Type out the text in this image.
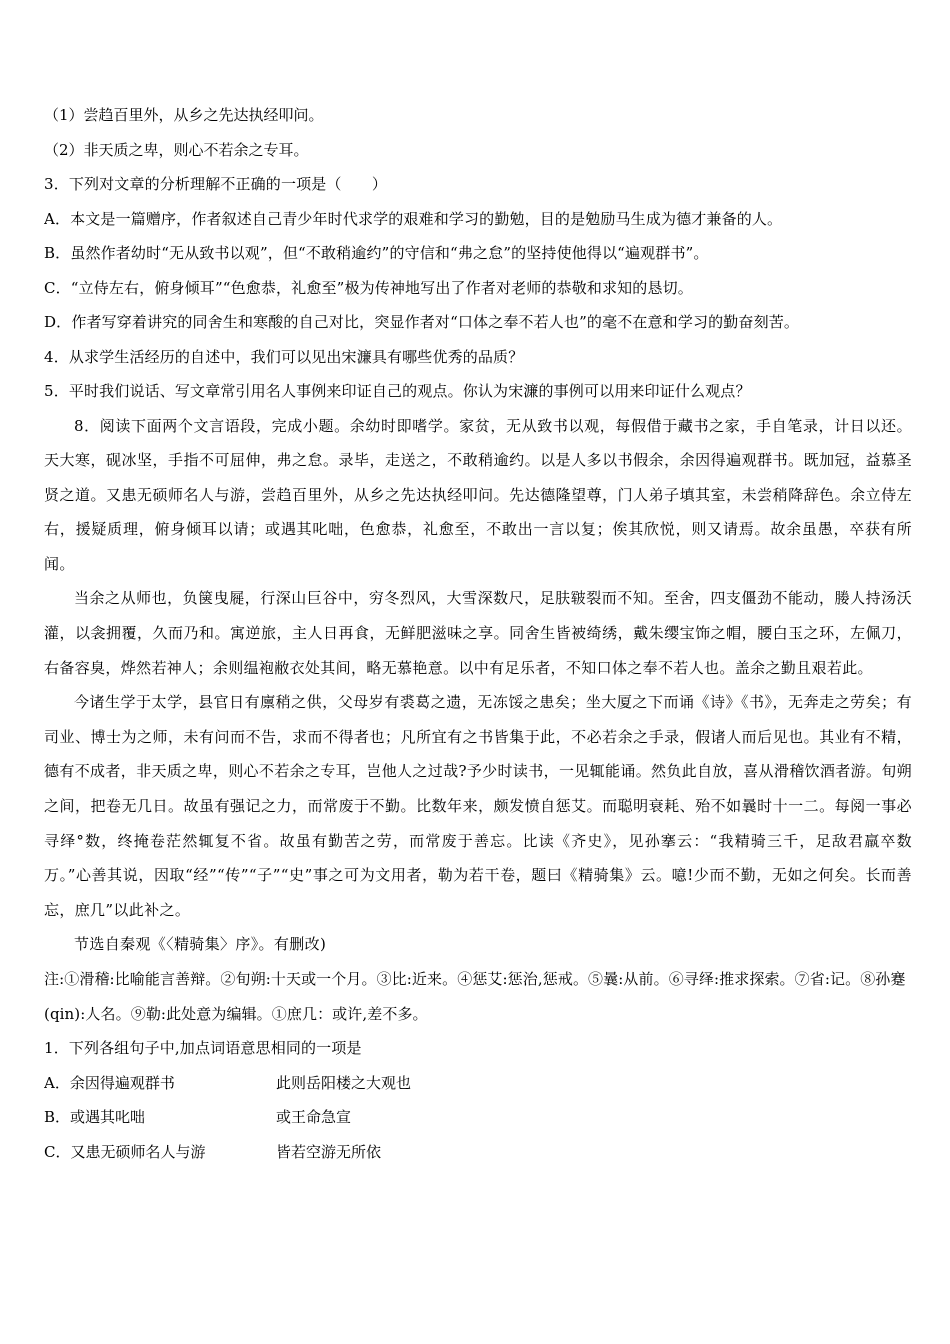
（1）尝趋百里外，从乡之先达执经叩问。
（2）非天质之卑，则心不若余之专耳。
3．下列对文章的分析理解不正确的一项是（　　）
A．本文是一篇赠序，作者叙述自己青少年时代求学的艰难和学习的勤勉，目的是勉励马生成为德才兼备的人。
B．虽然作者幼时“无从致书以观”，但“不敢稍逾约”的守信和“弗之怠”的坚持使他得以“遍观群书”。
C．“立侍左右，俯身倾耳”“色愈恭，礼愈至”极为传神地写出了作者对老师的恭敬和求知的恳切。
D．作者写穿着讲究的同舍生和寒酸的自己对比，突显作者对“口体之奉不若人也”的毫不在意和学习的勤奋刻苦。
4．从求学生活经历的自述中，我们可以见出宋濂具有哪些优秀的品质？
5．平时我们说话、写文章常引用名人事例来印证自己的观点。你认为宋濂的事例可以用来印证什么观点？

8．阅读下面两个文言语段，完成小题。余幼时即嗜学。家贫，无从致书以观，每假借于藏书之家，手自笔录，计日以还。天大寒，砚冰坚，手指不可屈伸，弗之怠。录毕，走送之，不敢稍逾约。以是人多以书假余，余因得遍观群书。既加冠，益慕圣贤之道。又患无硕师名人与游，尝趋百里外，从乡之先达执经叩问。先达德隆望尊，门人弟子填其室，未尝稍降辞色。余立侍左右，援疑质理，俯身倾耳以请；或遇其叱咄，色愈恭，礼愈至，不敢出一言以复；俟其欣悦，则又请焉。故余虽愚，卒获有所闻。

当余之从师也，负箧曳屣，行深山巨谷中，穷冬烈风，大雪深数尺，足肤皲裂而不知。至舍，四支僵劲不能动，媵人持汤沃灌，以衾拥覆，久而乃和。寓逆旅，主人日再食，无鲜肥滋味之享。同舍生皆被绮绣，戴朱缨宝饰之帽，腰白玉之环，左佩刀，右备容臭，烨然若神人；余则缊袍敝衣处其间，略无慕艳意。以中有足乐者，不知口体之奉不若人也。盖余之勤且艰若此。

今诸生学于太学，县官日有廪稍之供，父母岁有裘葛之遗，无冻馁之患矣；坐大厦之下而诵《诗》《书》，无奔走之劳矣；有司业、博士为之师，未有问而不告，求而不得者也；凡所宜有之书皆集于此，不必若余之手录，假诸人而后见也。其业有不精，德有不成者，非天质之卑，则心不若余之专耳，岂他人之过哉?予少时读书，一见辄能诵。然负此自放，喜从滑稽饮酒者游。旬朔之间，把卷无几日。故虽有强记之力，而常废于不勤。比数年来，颇发愤自惩艾。而聪明衰耗、殆不如曩时十一二。每阅一事必寻绎°数，终掩卷茫然辄复不省。故虽有勤苦之劳，而常废于善忘。比读《齐史》，见孙搴云：“我精骑三千，足敌君羸卒数万。”心善其说，因取“经”“传”“子”“史”事之可为文用者，勒为若干卷，题曰《精骑集》云。噫!少而不勤，无如之何矣。长而善忘，庶几”以此补之。

节选自秦观《〈精骑集〉序》。有删改)

注:①滑稽:比喻能言善辩。②旬朔:十天或一个月。③比:近来。④惩艾:惩治,惩戒。⑤曩:从前。⑥寻绎:推求探索。⑦省:记。⑧孙蹇(qin):人名。⑨勒:此处意为编辑。①庶几：或许,差不多。

1．下列各组句子中,加点词语意思相同的一项是
A．余因得遍观群书	此则岳阳楼之大观也
B．或遇其叱咄	或王命急宣
C．又患无硕师名人与游	皆若空游无所依
